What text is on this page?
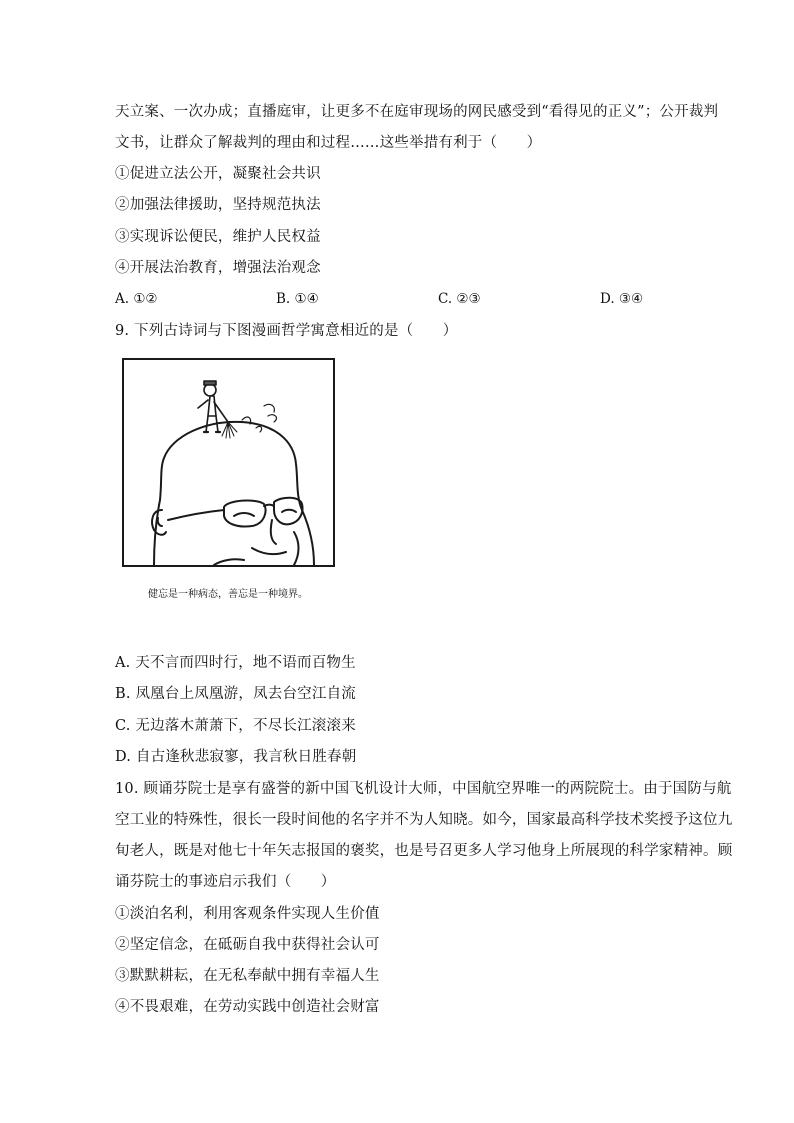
天立案、一次办成；直播庭审，让更多不在庭审现场的网民感受到“看得见的正义”；公开裁判
文书，让群众了解裁判的理由和过程……这些举措有利于（　　）
①促进立法公开，凝聚社会共识
②加强法律援助，坚持规范执法
③实现诉讼便民，维护人民权益
④开展法治教育，增强法治观念
A. ①②	B. ①④	C. ②③	D. ③④
9. 下列古诗词与下图漫画哲学寓意相近的是（　　）
健忘是一种病态，善忘是一种境界。
A. 天不言而四时行，地不语而百物生
B. 凤凰台上凤凰游，凤去台空江自流
C. 无边落木萧萧下，不尽长江滚滚来
D. 自古逢秋悲寂寥，我言秋日胜春朝
10. 顾诵芬院士是享有盛誉的新中国飞机设计大师，中国航空界唯一的两院院士。由于国防与航
空工业的特殊性，很长一段时间他的名字并不为人知晓。如今，国家最高科学技术奖授予这位九
旬老人，既是对他七十年矢志报国的褒奖，也是号召更多人学习他身上所展现的科学家精神。顾
诵芬院士的事迹启示我们（　　）
①淡泊名利，利用客观条件实现人生价值
②坚定信念，在砥砺自我中获得社会认可
③默默耕耘，在无私奉献中拥有幸福人生
④不畏艰难，在劳动实践中创造社会财富
